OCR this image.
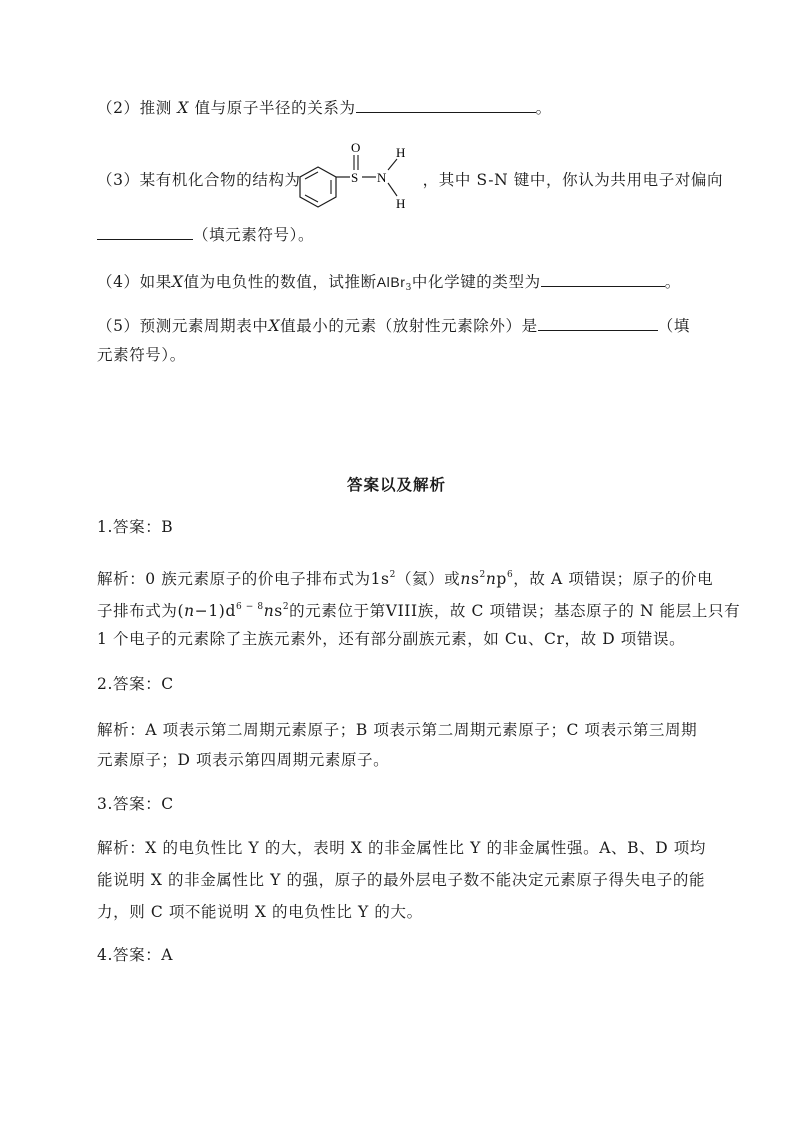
（2）推测 X 值与原子半径的关系为	。
（3）某有机化合物的结构为	，其中 S-N 键中，你认为共用电子对偏向
O
S N
H
H
（填元素符号）。
（4）如果X值为电负性的数值，试推断AlBr$_3$中化学键的类型为	。
（5）预测元素周期表中X值最小的元素（放射性元素除外）是	（填
元素符号）。
答案以及解析
1.答案：B
解析：0 族元素原子的价电子排布式为$1s^2$（氦）或$ns^2np^6$，故 A 项错误；原子的价电
子排布式为$(n-1)d^{6 - 8}ns^2$的元素位于第VIII族，故 C 项错误；基态原子的 N 能层上只有
1 个电子的元素除了主族元素外，还有部分副族元素，如 Cu、Cr，故 D 项错误。
2.答案：C
解析：A 项表示第二周期元素原子；B 项表示第二周期元素原子；C 项表示第三周期
元素原子；D 项表示第四周期元素原子。
3.答案：C
解析：X 的电负性比 Y 的大，表明 X 的非金属性比 Y 的非金属性强。A、B、D 项均
能说明 X 的非金属性比 Y 的强，原子的最外层电子数不能决定元素原子得失电子的能
力，则 C 项不能说明 X 的电负性比 Y 的大。
4.答案：A
